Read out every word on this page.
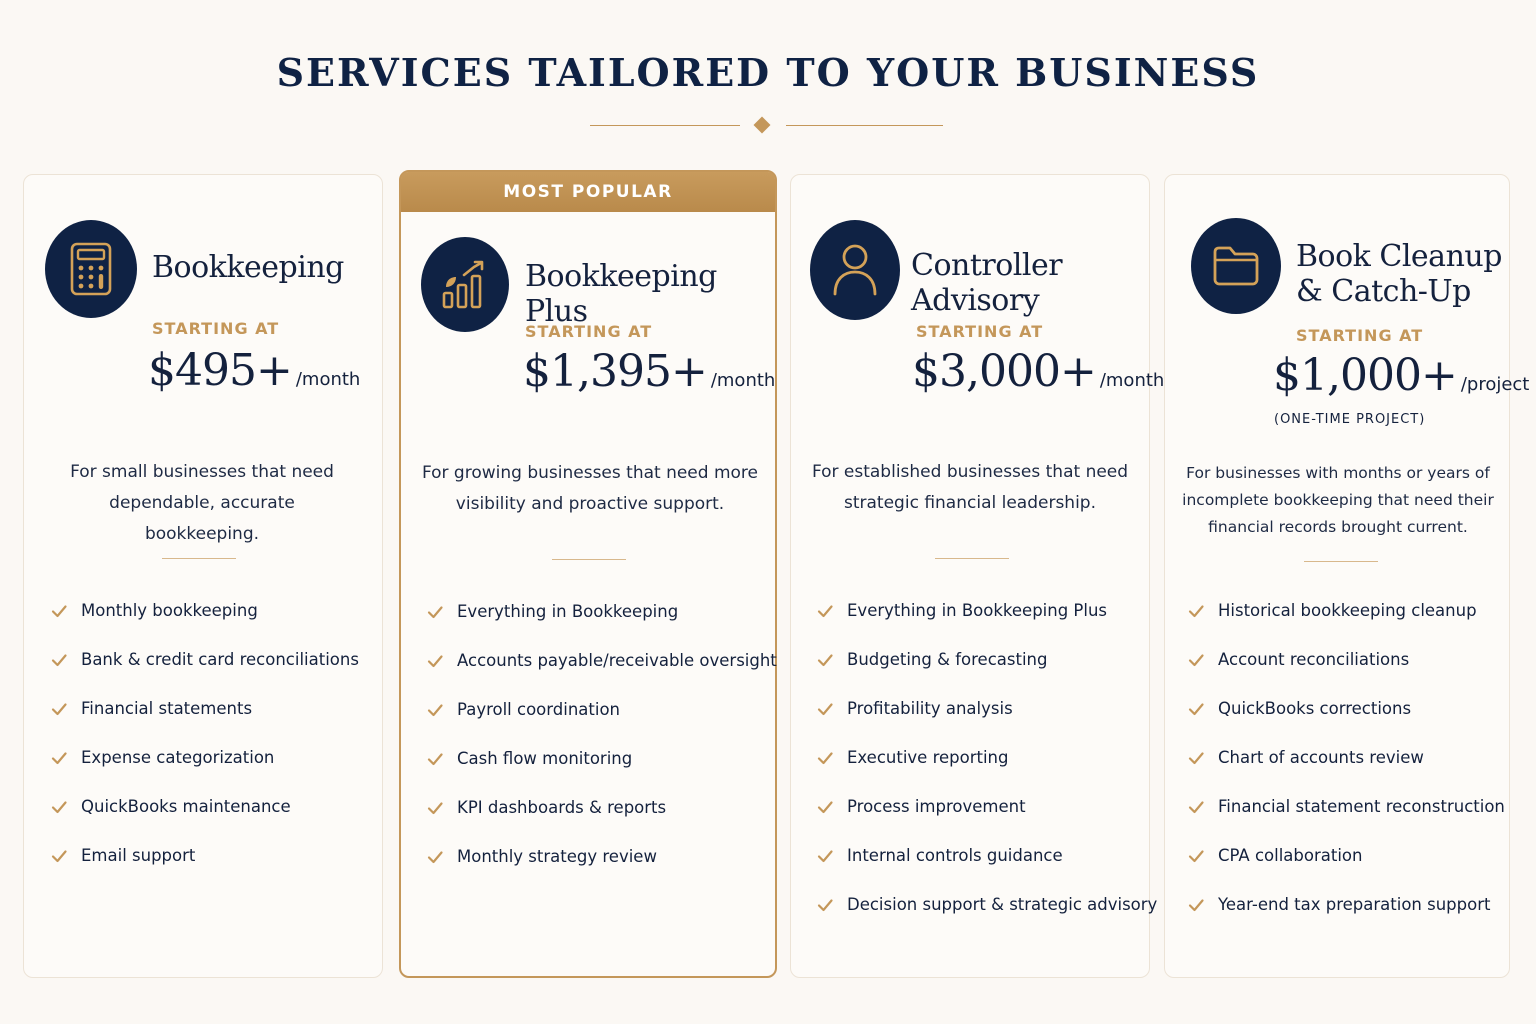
SERVICES TAILORED TO YOUR BUSINESS
Bookkeeping
STARTING AT
$495+ /month
For small businesses that need dependable, accurate bookkeeping.
Monthly bookkeeping
Bank & credit card reconciliations
Financial statements
Expense categorization
QuickBooks maintenance
Email support
MOST POPULAR
Bookkeeping Plus
STARTING AT
$1,395+ /month
For growing businesses that need more visibility and proactive support.
Everything in Bookkeeping
Accounts payable/receivable oversight
Payroll coordination
Cash flow monitoring
KPI dashboards & reports
Monthly strategy review
Controller Advisory
STARTING AT
$3,000+ /month
For established businesses that need strategic financial leadership.
Everything in Bookkeeping Plus
Budgeting & forecasting
Profitability analysis
Executive reporting
Process improvement
Internal controls guidance
Decision support & strategic advisory
Book Cleanup
& Catch-Up
STARTING AT
$1,000+ /project
(ONE-TIME PROJECT)
For businesses with months or years of incomplete bookkeeping that need their financial records brought current.
Historical bookkeeping cleanup
Account reconciliations
QuickBooks corrections
Chart of accounts review
Financial statement reconstruction
CPA collaboration
Year-end tax preparation support
